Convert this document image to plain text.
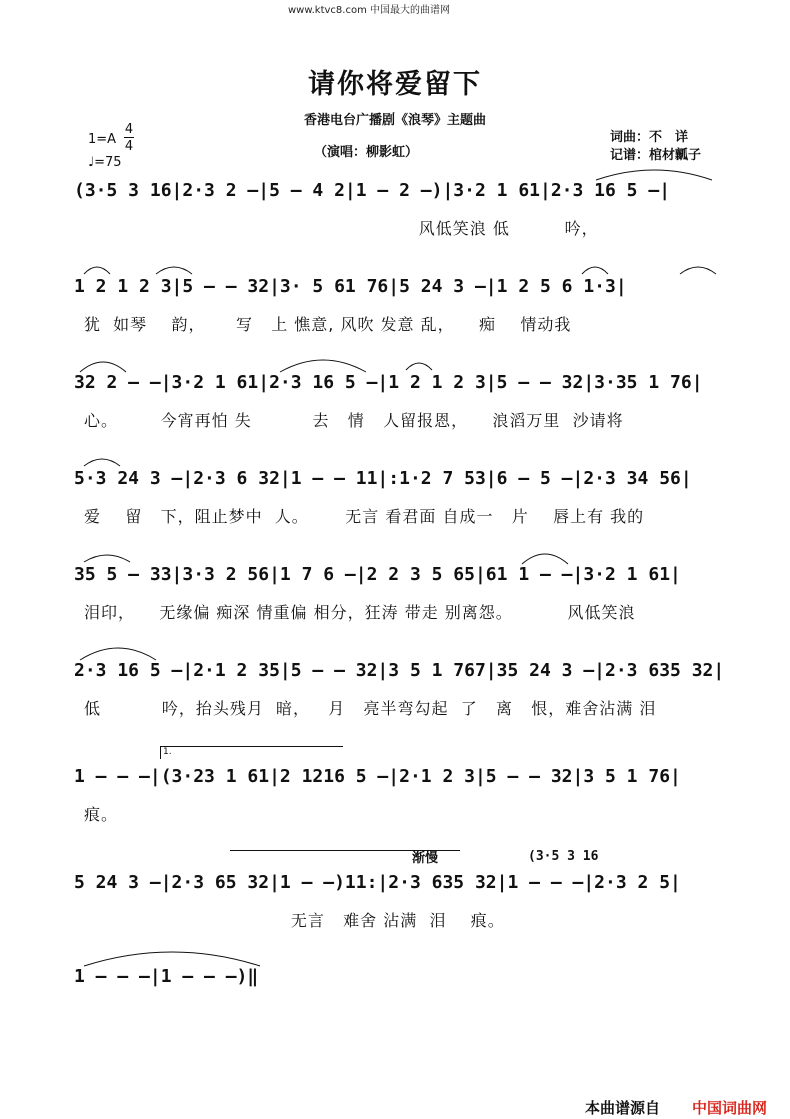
www.ktvc8.com 中国最大的曲谱网
请你将爱留下
香港电台广播剧《浪琴》主题曲
（演唱：柳影虹）
词曲：不　详
记谱：棺材瓤子
1=A
4
4
♩=75
(3·5 3 16|2·3 2 –|5 – 4 2|1 – 2 –)|3·2 1 61|2·3 16 5 –|
风低笑浪 低         吟，
1 2 1 2 3|5 – – 32|3· 5 61 76|5 24 3 –|1 2 5 6 1·3|
犹  如琴    韵，     写   上 憔意, 风吹 发意 乱，    痴    情动我
32 2 – –|3·2 1 61|2·3 16 5 –|1 2 1 2 3|5 – – 32|3·35 1 76|
心。       今宵再怕 失          去   情   人留报恩，    浪滔万里  沙请将
5·3 24 3 –|2·3 6 32|1 – – 11|:1·2 7 53|6 – 5 –|2·3 34 56|
爱    留   下，阻止梦中  人。      无言 看君面 自成一   片    唇上有 我的
35 5 – 33|3·3 2 56|1 7 6 –|2 2 3 5 65|61 1 – –|3·2 1 61|
泪印，    无缘偏 痴深 情重偏 相分，狂涛 带走 别离怨。         风低笑浪
2·3 16 5 –|2·1 2 35|5 – – 32|3 5 1 767|35 24 3 –|2·3 635 32|
低          吟，抬头残月  暗，   月   亮半弯勾起  了   离   恨，难舍沾满 泪
1.
1 – – –|(3·23 1 61|2 1216 5 –|2·1 2 3|5 – – 32|3 5 1 76|
痕。
5 24 3 –|2·3 65 32|1 – –)11:|2·3 635 32|1 – – –|2·3 2 5|
无言   难舍 沾满  泪    痕。
渐慢	(3·5 3 16
1 – – –|1 – – –)‖
本曲谱源自 中国词曲网
